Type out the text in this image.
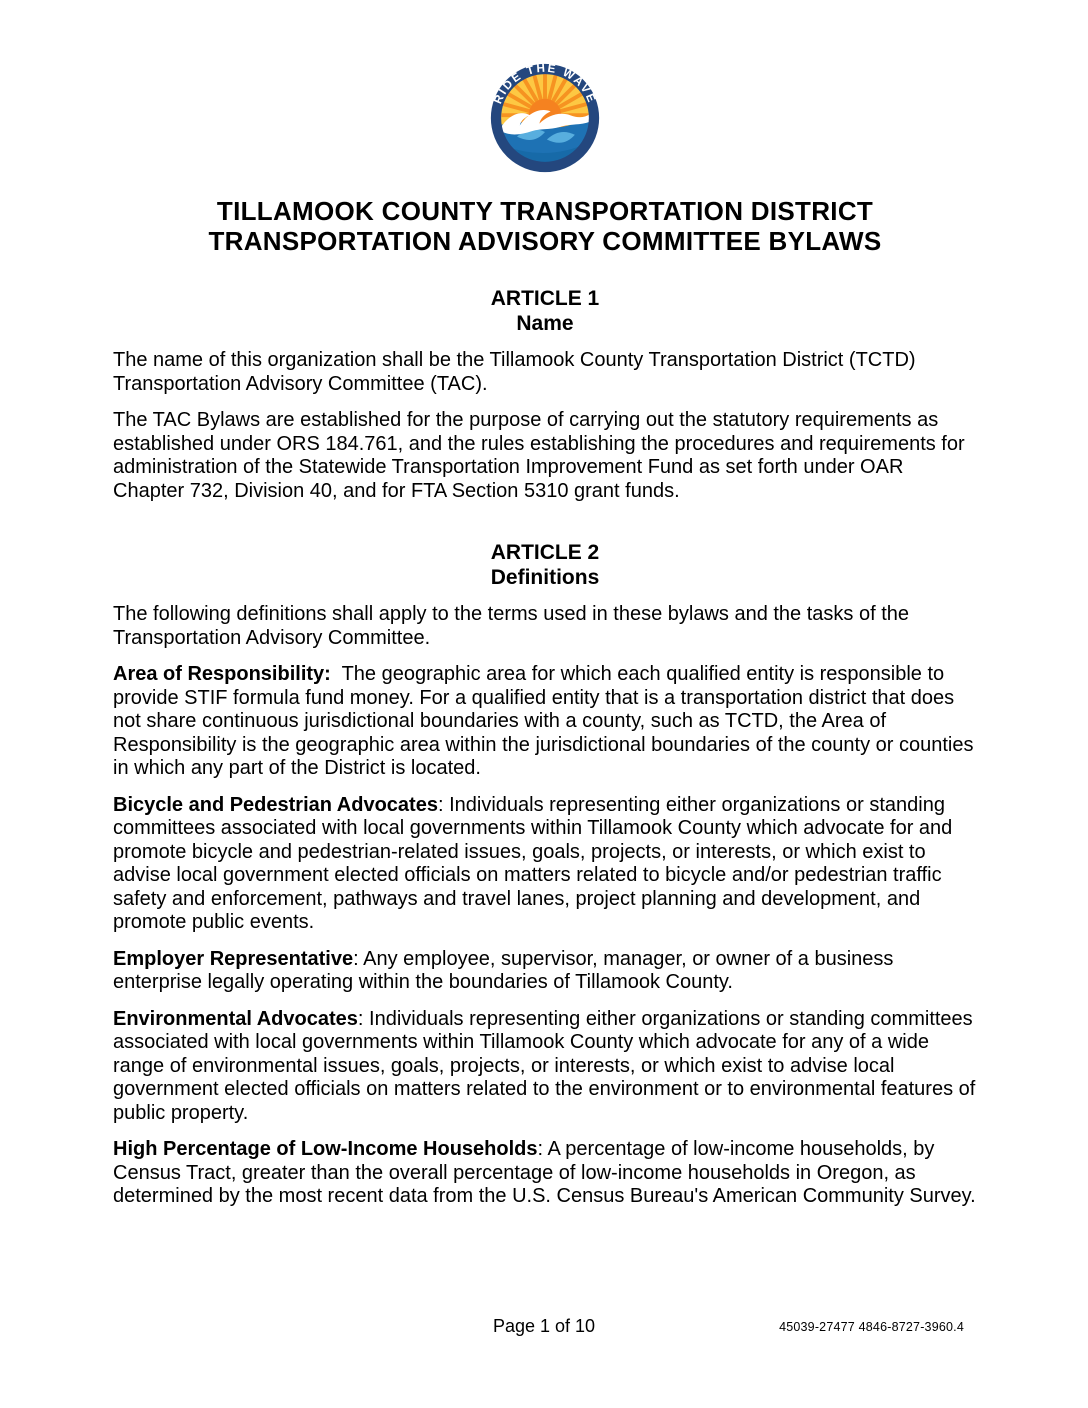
RIDE THE WAVE
TILLAMOOK COUNTY TRANSPORTATION DISTRICT
TRANSPORTATION ADVISORY COMMITTEE BYLAWS
ARTICLE 1
Name

The name of this organization shall be the Tillamook County Transportation District (TCTD) Transportation Advisory Committee (TAC).

The TAC Bylaws are established for the purpose of carrying out the statutory requirements as established under ORS 184.761, and the rules establishing the procedures and requirements for administration of the Statewide Transportation Improvement Fund as set forth under OAR Chapter 732, Division 40, and for FTA Section 5310 grant funds.

ARTICLE 2
Definitions

The following definitions shall apply to the terms used in these bylaws and the tasks of the Transportation Advisory Committee.

Area of Responsibility: The geographic area for which each qualified entity is responsible to provide STIF formula fund money. For a qualified entity that is a transportation district that does not share continuous jurisdictional boundaries with a county, such as TCTD, the Area of Responsibility is the geographic area within the jurisdictional boundaries of the county or counties in which any part of the District is located.

Bicycle and Pedestrian Advocates: Individuals representing either organizations or standing committees associated with local governments within Tillamook County which advocate for and promote bicycle and pedestrian-related issues, goals, projects, or interests, or which exist to advise local government elected officials on matters related to bicycle and/or pedestrian traffic safety and enforcement, pathways and travel lanes, project planning and development, and promote public events.

Employer Representative: Any employee, supervisor, manager, or owner of a business enterprise legally operating within the boundaries of Tillamook County.

Environmental Advocates: Individuals representing either organizations or standing committees associated with local governments within Tillamook County which advocate for any of a wide range of environmental issues, goals, projects, or interests, or which exist to advise local government elected officials on matters related to the environment or to environmental features of public property.

High Percentage of Low-Income Households: A percentage of low-income households, by Census Tract, greater than the overall percentage of low-income households in Oregon, as determined by the most recent data from the U.S. Census Bureau's American Community Survey.

Page 1 of 10	45039-27477 4846-8727-3960.4
